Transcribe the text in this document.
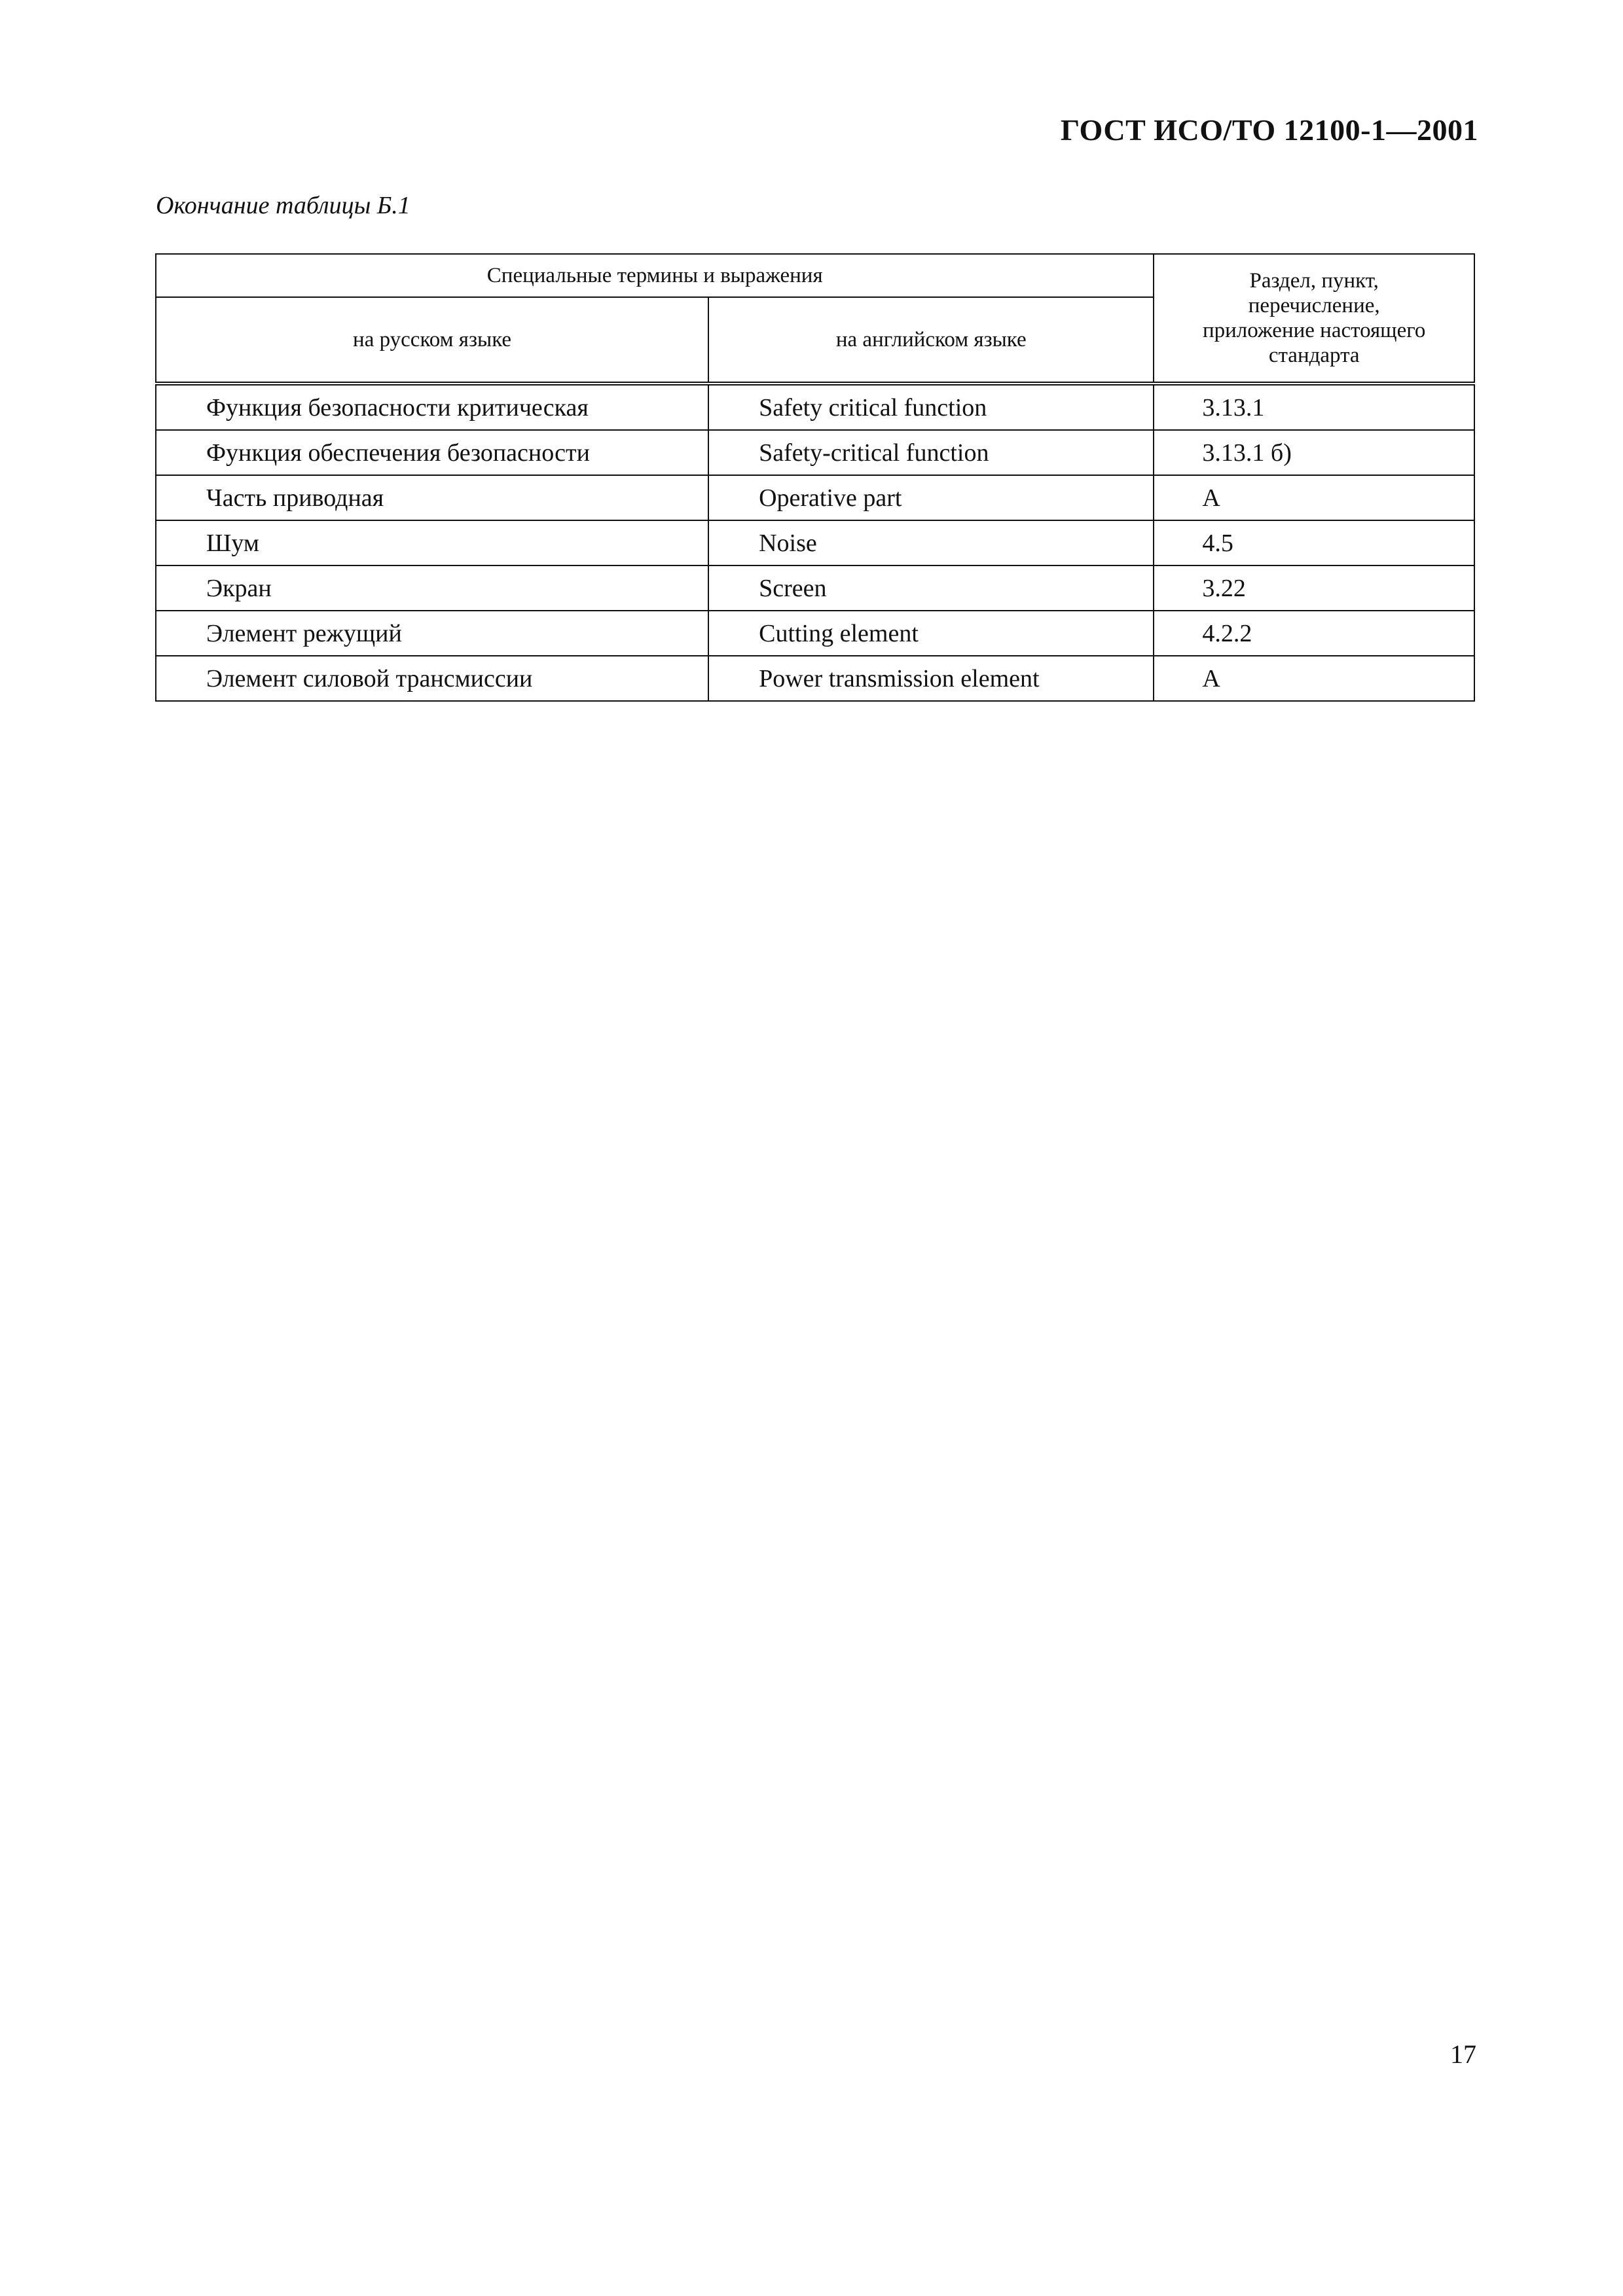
ГОСТ ИСО/ТО 12100-1—2001
Окончание таблицы Б.1
Специальные термины и выражения		Раздел, пункт,
перечисление,
приложение настоящего
стандарта

на русском языке	на английском языке	
Функция безопасности критическая	Safety critical function	3.13.1
Функция обеспечения безопасности	Safety-critical function	3.13.1 б)
Часть приводная	Operative part	А
Шум	Noise	4.5
Экран	Screen	3.22
Элемент режущий	Cutting element	4.2.2
Элемент силовой трансмиссии	Power transmission element	А
17
